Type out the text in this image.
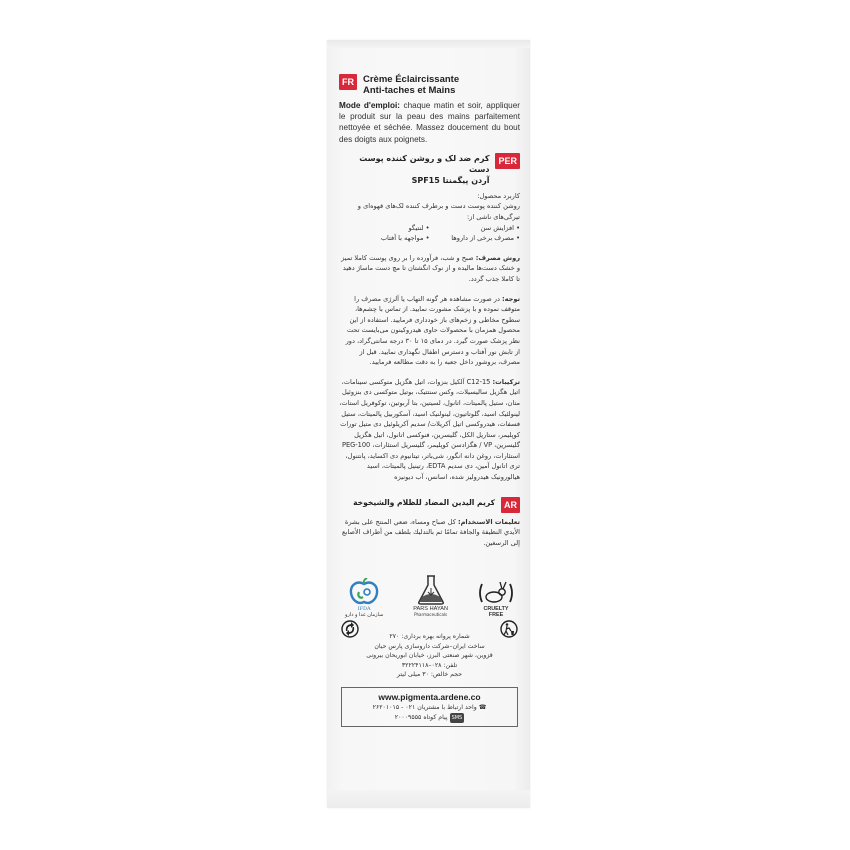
FR Crème Éclaircissante
Anti-taches et Mains
Mode d'emploi: chaque matin et soir, appliquer le produit sur la peau des mains parfaitement nettoyée et séchée. Massez doucement du bout des doigts aux poignets.
PER
کرم ضد لک و روشن کننده پوست دست
آردن پیگمنتا SPF15
کاربرد محصول:
روشن کننده پوست دست و برطرف کننده لک‌های قهوه‌ای و تیرگی‌های ناشی از:
• افزایش سن
• لنتیگو
• مصرف برخی از داروها
• مواجهه با آفتاب
روش مصرف: صبح و شب، فرآورده را بر روی پوست کاملا تمیز و خشک دست‌ها مالیده و از نوک انگشتان تا مچ دست ماساژ دهید تا کاملا جذب گردد.
توجه: در صورت مشاهده هر گونه التهاب یا آلرژی مصرف را متوقف نموده و با پزشک مشورت نمایید. از تماس با چشم‌ها، سطوح مخاطی و زخم‌های باز خودداری فرمایید. استفاده از این محصول همزمان با محصولات حاوی هیدروکینون می‌بایست تحت نظر پزشک صورت گیرد. در دمای ۱۵ تا ۳۰ درجه سانتی‌گراد، دور از تابش نور آفتاب و دسترس اطفال نگهداری نمایید. قبل از مصرف، بروشور داخل جعبه را به دقت مطالعه فرمایید.
ترکیبات: C12-15 آلکیل بنزوات، اتیل هگزیل متوکسی سینامات، اتیل هگزیل سالیسیلات، وکس سنتتیک، بوتیل متوکسی دی بنزوئیل متان، ستیل پالمیتات، اتانول، لسیتین، بتا آربوتین، توکوفریل استات، لینولئیک اسید، گلوتاتیون، لینولنیک اسید، آسکوربیل پالمیتات، ستیل فسفات، هیدروکسی اتیل آکریلات/ سدیم آکریلوئیل دی متیل تورات کوپلیمر، ستاریل الکل، گلیسرین، فنوکسی اتانول، اتیل هگزیل گلیسرین، VP / هگزادسن کوپلیمر، گلیسریل استئارات، PEG-100 استئارات، روغن دانه انگور، شی‌باتر، تیتانیوم دی اکساید، پانتنول، تری اتانول آمین، دی سدیم EDTA، رتینیل پالمیتات، اسید هیالورونیک هیدرولیز شده، اسانس، آب دیونیزه
AR
كريم اليدين المضاد للظلام والشيخوخة
تعليمات الاستخدام: كل صباح ومساء، ضعي المنتج على بشرة الأيدي النظيفة والجافة تمامًا ثم بالتدليك بلطف من أطراف الأصابع إلى الرسغين.
IFDA
سازمان غذا و دارو
PARS HAYAN
Pharmaceuticals
CRUELTY
FREE
شماره پروانه بهره برداری: ۲۷۰
ساخت ایران–شرکت داروسازی پارس حیان
قزوین، شهر صنعتی البرز، خیابان ابوریحان بیرونی
تلفن: ۰۲۸–۳۲۲۲۴۱۱۸
حجم خالص: ۳۰ میلی لیتر
www.pigmenta.ardene.co
☎ واحد ارتباط با مشتریان ۰۲۱ - ۲۶۲۰۱۰۱۵
SMS پیام کوتاه ۲۰۰۰۹۵۵۵
